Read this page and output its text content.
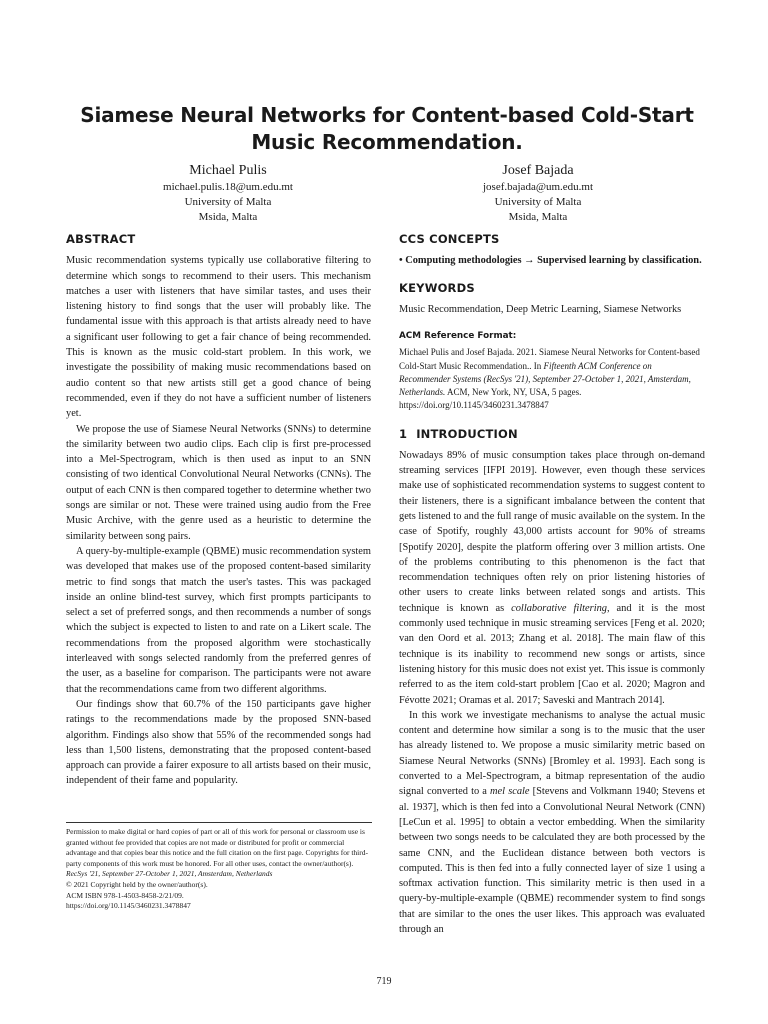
Siamese Neural Networks for Content-based Cold-Start Music Recommendation.
Michael Pulis
michael.pulis.18@um.edu.mt
University of Malta
Msida, Malta
Josef Bajada
josef.bajada@um.edu.mt
University of Malta
Msida, Malta
ABSTRACT

Music recommendation systems typically use collaborative filtering to determine which songs to recommend to their users. This mechanism matches a user with listeners that have similar tastes, and uses their listening history to find songs that the user will probably like. The fundamental issue with this approach is that artists already need to have a significant user following to get a fair chance of being recommended. This is known as the music cold-start problem. In this work, we investigate the possibility of making music recommendations based on audio content so that new artists still get a good chance of being recommended, even if they do not have a sufficient number of listeners yet.

We propose the use of Siamese Neural Networks (SNNs) to determine the similarity between two audio clips. Each clip is first pre-processed into a Mel-Spectrogram, which is then used as input to an SNN consisting of two identical Convolutional Neural Networks (CNNs). The output of each CNN is then compared together to determine whether two songs are similar or not. These were trained using audio from the Free Music Archive, with the genre used as a heuristic to determine the similarity between song pairs.

A query-by-multiple-example (QBME) music recommendation system was developed that makes use of the proposed content-based similarity metric to find songs that match the user's tastes. This was packaged inside an online blind-test survey, which first prompts participants to select a set of preferred songs, and then recommends a number of songs which the subject is expected to listen to and rate on a Likert scale. The recommendations from the proposed algorithm were stochastically interleaved with songs selected randomly from the preferred genres of the user, as a baseline for comparison. The participants were not aware that the recommendations came from two different algorithms.

Our findings show that 60.7% of the 150 participants gave higher ratings to the recommendations made by the proposed SNN-based algorithm. Findings also show that 55% of the recommended songs had less than 1,500 listens, demonstrating that the proposed content-based approach can provide a fairer exposure to all artists based on their music, independent of their fame and popularity.

CCS CONCEPTS

• Computing methodologies → Supervised learning by classification.

KEYWORDS

Music Recommendation, Deep Metric Learning, Siamese Networks

ACM Reference Format:

Michael Pulis and Josef Bajada. 2021. Siamese Neural Networks for Content-based Cold-Start Music Recommendation.. In Fifteenth ACM Conference on Recommender Systems (RecSys '21), September 27-October 1, 2021, Amsterdam, Netherlands. ACM, New York, NY, USA, 5 pages. https://doi.org/10.1145/3460231.3478847

1 INTRODUCTION

Nowadays 89% of music consumption takes place through on-demand streaming services [IFPI 2019]. However, even though these services make use of sophisticated recommendation systems to suggest content to their listeners, there is a significant imbalance between the content that gets listened to and the full range of music available on the system. In the case of Spotify, roughly 43,000 artists account for 90% of streams [Spotify 2020], despite the platform offering over 3 million artists. One of the problems contributing to this phenomenon is the fact that recommendation techniques often rely on prior listening histories of other users to create links between related songs and artists. This technique is known as collaborative filtering, and it is the most commonly used technique in music streaming services [Feng et al. 2020; van den Oord et al. 2013; Zhang et al. 2018]. The main flaw of this technique is its inability to recommend new songs or artists, since listening history for this music does not exist yet. This issue is commonly referred to as the item cold-start problem [Cao et al. 2020; Magron and Févotte 2021; Oramas et al. 2017; Saveski and Mantrach 2014].

In this work we investigate mechanisms to analyse the actual music content and determine how similar a song is to the music that the user has already listened to. We propose a music similarity metric based on Siamese Neural Networks (SNNs) [Bromley et al. 1993]. Each song is converted to a Mel-Spectrogram, a bitmap representation of the audio signal converted to a mel scale [Stevens and Volkmann 1940; Stevens et al. 1937], which is then fed into a Convolutional Neural Network (CNN) [LeCun et al. 1995] to obtain a vector embedding. When the similarity between two songs needs to be calculated they are both processed by the same CNN, and the Euclidean distance between both vectors is computed. This is then fed into a fully connected layer of size 1 using a softmax activation function. This similarity metric is then used in a query-by-multiple-example (QBME) recommender system to find songs that are similar to the ones the user likes. This approach was evaluated through an

Permission to make digital or hard copies of part or all of this work for personal or classroom use is granted without fee provided that copies are not made or distributed for profit or commercial advantage and that copies bear this notice and the full citation on the first page. Copyrights for third-party components of this work must be honored. For all other uses, contact the owner/author(s).

RecSys '21, September 27-October 1, 2021, Amsterdam, Netherlands

© 2021 Copyright held by the owner/author(s).

ACM ISBN 978-1-4503-8458-2/21/09.

https://doi.org/10.1145/3460231.3478847

719
